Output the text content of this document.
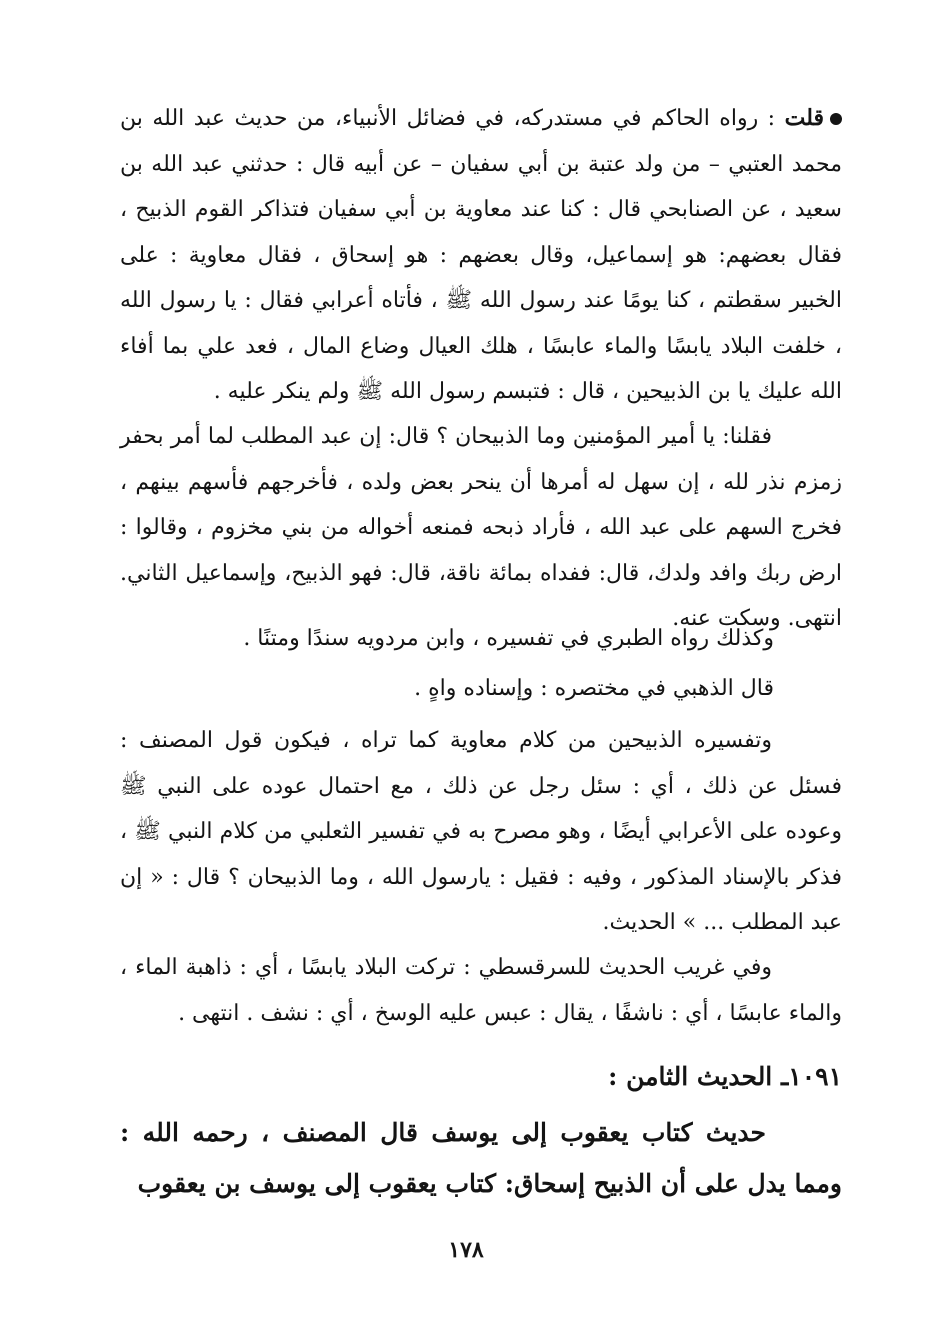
قلت : رواه الحاكم في مستدركه، في فضائل الأنبياء، من حديث عبد الله بن محمد العتبي – من ولد عتبة بن أبي سفيان – عن أبيه قال : حدثني عبد الله بن سعيد ، عن الصنابحي قال : كنا عند معاوية بن أبي سفيان فتذاكر القوم الذبيح ، فقال بعضهم: هو إسماعيل، وقال بعضهم : هو إسحاق ، فقال معاوية : على الخبير سقطتم ، كنا يومًا عند رسول الله ﷺ ، فأتاه أعرابي فقال : يا رسول الله ، خلفت البلاد يابسًا والماء عابسًا ، هلك العيال وضاع المال ، فعد علي بما أفاء الله عليك يا بن الذبيحين ، قال : فتبسم رسول الله ﷺ ولم ينكر عليه .

فقلنا: يا أمير المؤمنين وما الذبيحان ؟ قال: إن عبد المطلب لما أمر بحفر زمزم نذر لله ، إن سهل له أمرها أن ينحر بعض ولده ، فأخرجهم فأسهم بينهم ، فخرج السهم على عبد الله ، فأراد ذبحه فمنعه أخواله من بني مخزوم ، وقالوا : ارض ربك وافد ولدك، قال: ففداه بمائة ناقة، قال: فهو الذبيح، وإسماعيل الثاني. انتهى. وسكت عنه.

وكذلك رواه الطبري في تفسيره ، وابن مردويه سندًا ومتنًا .

قال الذهبي في مختصره : وإسناده واهٍ .

وتفسيره الذبيحين من كلام معاوية كما تراه ، فيكون قول المصنف : فسئل عن ذلك ، أي : سئل رجل عن ذلك ، مع احتمال عوده على النبي ﷺ وعوده على الأعرابي أيضًا ، وهو مصرح به في تفسير الثعلبي من كلام النبي ﷺ ، فذكر بالإسناد المذكور ، وفيه : فقيل : يارسول الله ، وما الذبيحان ؟ قال : « إن عبد المطلب ... » الحديث.

وفي غريب الحديث للسرقسطي : تركت البلاد يابسًا ، أي : ذاهبة الماء ، والماء عابسًا ، أي : ناشفًا ، يقال : عبس عليه الوسخ ، أي : نشف . انتهى .

١٠٩١ـ الحديث الثامن :

حديث كتاب يعقوب إلى يوسف قال المصنف ، رحمه الله : ومما يدل على أن الذبيح إسحاق: كتاب يعقوب إلى يوسف بن يعقوب

١٧٨
